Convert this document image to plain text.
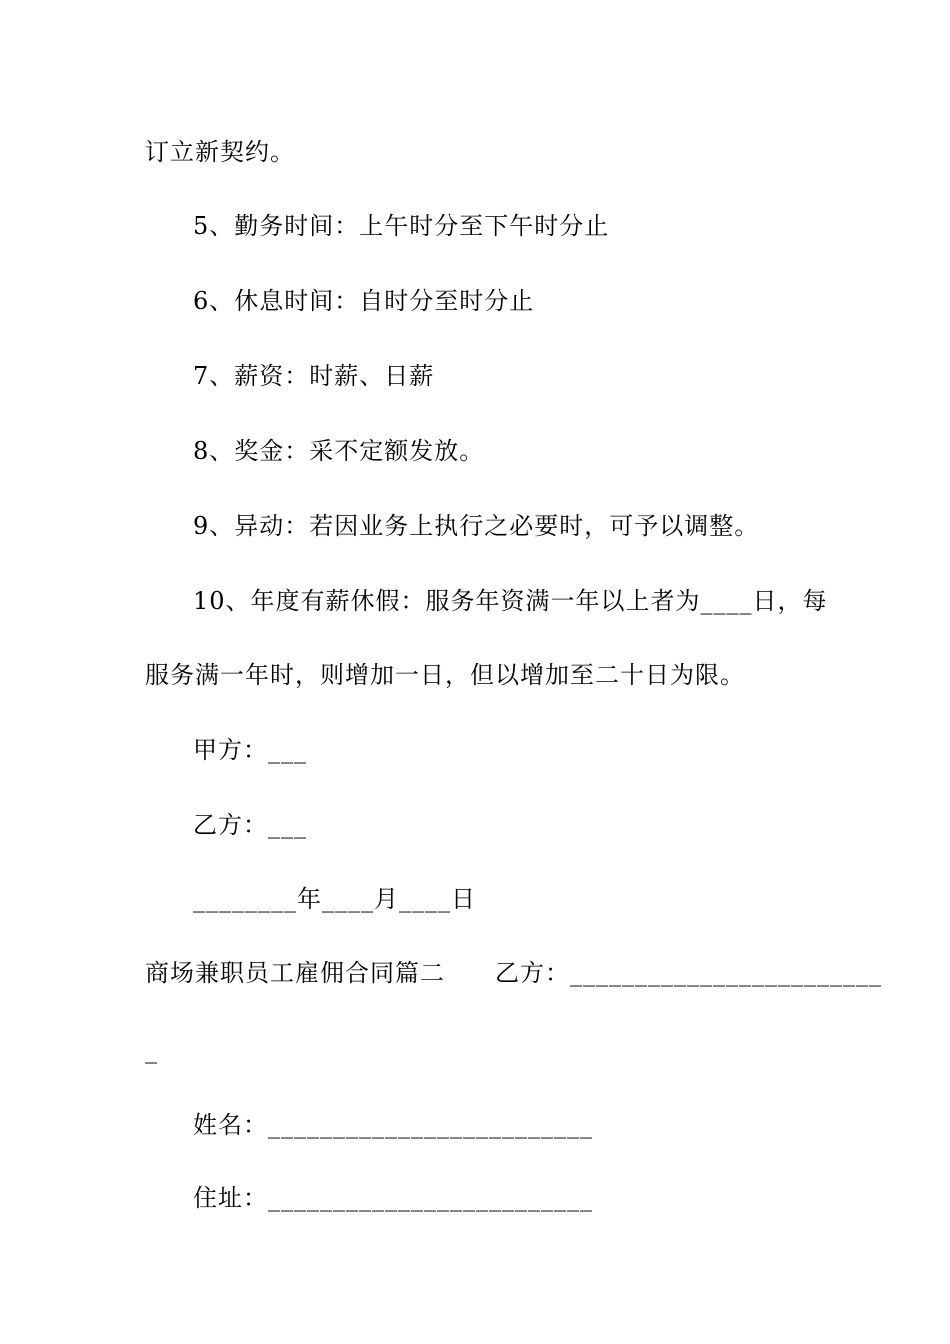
订立新契约。
5、勤务时间：上午时分至下午时分止
6、休息时间：自时分至时分止
7、薪资：时薪、日薪
8、奖金：采不定额发放。
9、异动：若因业务上执行之必要时，可予以调整。
10、年度有薪休假：服务年资满一年以上者为____日，每
服务满一年时，则增加一日，但以增加至二十日为限。
甲方：___
乙方：___
________年____月____日
商场兼职员工雇佣合同篇二　　乙方：________________________
_
姓名：_________________________
住址：_________________________
